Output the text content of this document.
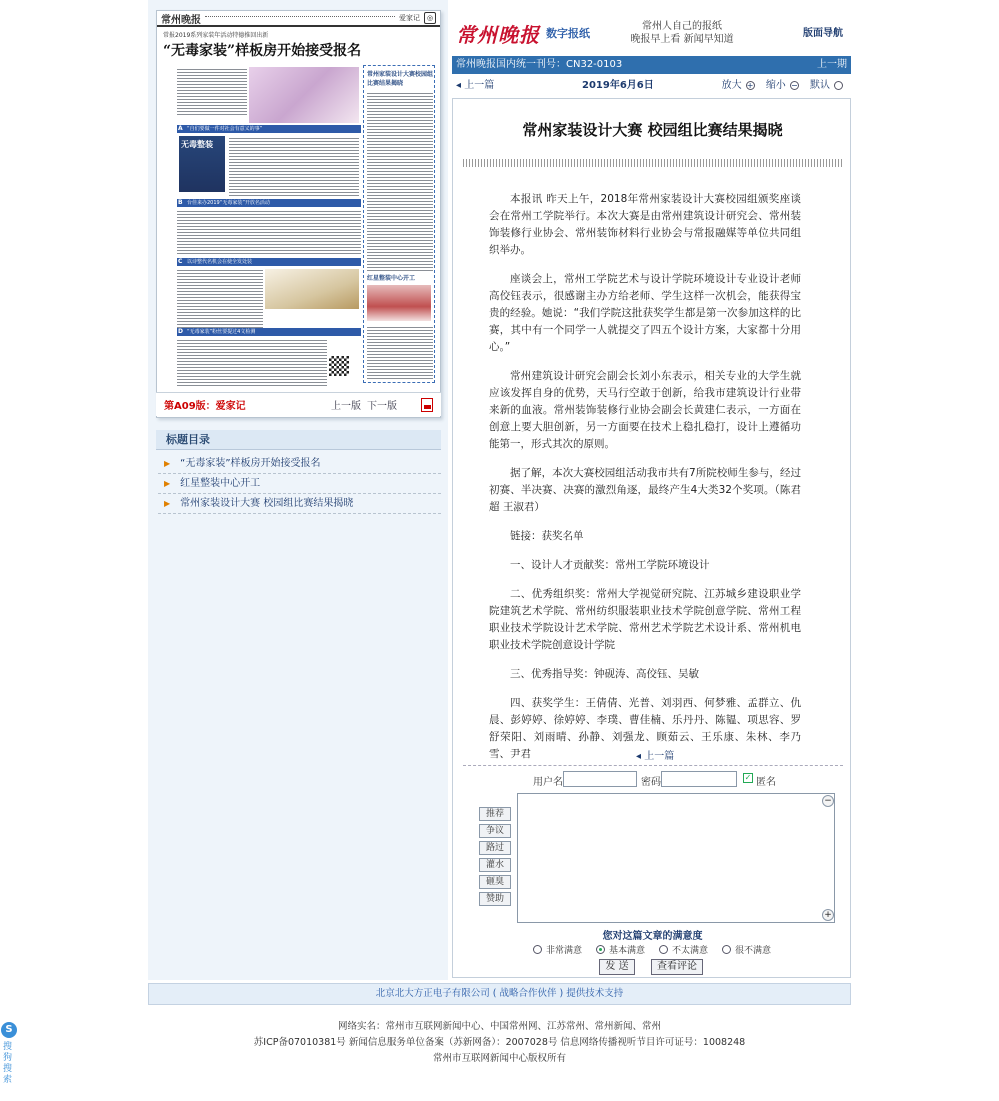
常州晚报	爱家记 ◎
常报2019系列家装年活动特德推回出新
“无毒家装”样板房开始接受报名
常州家装设计大赛校园组比赛结果揭晓
A “自们要做一件对社会有意义的事”
无毒整装
B 台佳来办2019“无毒家装”开放名活动
C 以诗整代名机会在使全发处装
红星整装中心开工
D “无毒家装”粉丝要提过4文检测
第A09版：爱家记	上一版 下一版
标题目录
▶ “无毒家装”样板房开始接受报名
▶ 红星整装中心开工
▶ 常州家装设计大赛 校园组比赛结果揭晓
常州晚报 数字报纸
常州人自己的报纸
晚报早上看 新闻早知道
版面导航
常州晚报国内统一刊号：CN32-0103	上一期
◂ 上一篇	2019年6月6日	放大 + 缩小 − 默认
常州家装设计大赛 校园组比赛结果揭晓

本报讯 昨天上午，2018年常州家装设计大赛校园组颁奖座谈会在常州工学院举行。本次大赛是由常州建筑设计研究会、常州装饰装修行业协会、常州装饰材料行业协会与常报融媒等单位共同组织举办。

座谈会上，常州工学院艺术与设计学院环境设计专业设计老师高佼钰表示，很感谢主办方给老师、学生这样一次机会，能获得宝贵的经验。她说：“我们学院这批获奖学生都是第一次参加这样的比赛，其中有一个同学一人就提交了四五个设计方案，大家都十分用心。”

常州建筑设计研究会副会长刘小东表示，相关专业的大学生就应该发挥自身的优势，天马行空敢于创新，给我市建筑设计行业带来新的血液。常州装饰装修行业协会副会长黄建仁表示，一方面在创意上要大胆创新，另一方面要在技术上稳扎稳打，设计上遵循功能第一，形式其次的原则。

据了解，本次大赛校园组活动我市共有7所院校师生参与，经过初赛、半决赛、决赛的激烈角逐，最终产生4大类32个奖项。（陈君超 王淑君）

链接：获奖名单

一、设计人才贡献奖：常州工学院环境设计

二、优秀组织奖：常州大学视觉研究院、江苏城乡建设职业学院建筑艺术学院、常州纺织服装职业技术学院创意学院、常州工程职业技术学院设计艺术学院、常州艺术学院艺术设计系、常州机电职业技术学院创意设计学院

三、优秀指导奖：钟砚涛、高佼钰、吴敏

四、获奖学生：王倩倩、光普、刘羽西、何梦雅、孟群立、仇晨、彭婷婷、徐婷婷、李璞、曹佳楠、乐丹丹、陈韫、项思容、罗舒荣阳、刘雨晴、孙静、刘强龙、顾茹云、王乐康、朱林、李乃雪、尹君	◂ 上一篇
用户名	密码	✓ 匿名
−
+
推荐
争议
路过
灌水
砸臭
赞助
您对这篇文章的满意度
非常满意	基本满意	不太满意	很不满意
发 送	查看评论
北京北大方正电子有限公司 ( 战略合作伙伴 ) 提供技术支持
网络实名：常州市互联网新闻中心、中国常州网、江苏常州、常州新闻、常州
苏ICP备07010381号 新闻信息服务单位备案（苏新网备）：2007028号 信息网络传播视听节目许可证号：1008248
常州市互联网新闻中心版权所有
S
搜 狗 搜 索
